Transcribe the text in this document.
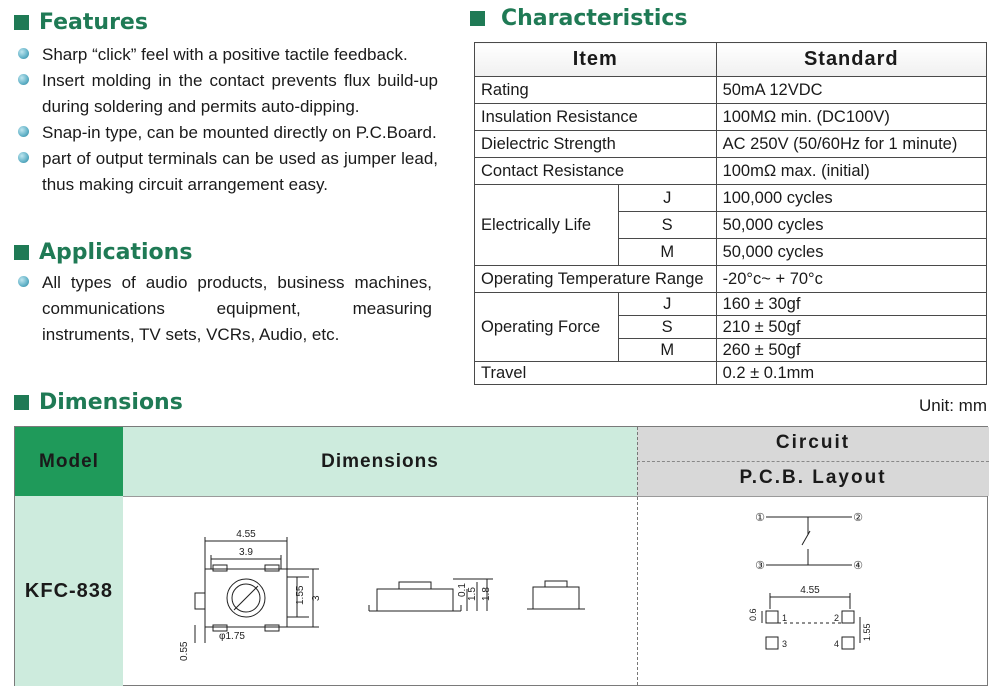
Features
Sharp “click” feel with a positive tactile feedback.
Insert molding in the contact prevents flux build-up during soldering and permits auto-dipping.
Snap-in type, can be mounted directly on P.C.Board.
part of output terminals can be used as jumper lead, thus making circuit arrangement easy.
Applications
All types of audio products, business machines, communications equipment, measuring instruments, TV sets, VCRs, Audio, etc.
Characteristics
Item		Standard
Rating		50mA 12VDC
Insulation Resistance		100MΩ min. (DC100V)
Dielectric Strength		AC 250V (50/60Hz for 1 minute)
Contact Resistance		100mΩ max. (initial)
Electrically Life	J	100,000 cycles
	S	50,000 cycles
	M	50,000 cycles
Operating Temperature Range		-20°c~ + 70°c
Operating Force	J	160 ± 30gf
	S	210 ± 50gf
	M	260 ± 50gf
Travel		0.2 ± 0.1mm
Dimensions	Unit: mm
Model	Dimensions
Circuit
P.C.B. Layout
KFC-838
4.55
3.9
φ1.75
1.55 3
0.55
0.1 1.5 1.8
①	②
③	④
4.55
1	2
3	4
0.6
1.55
